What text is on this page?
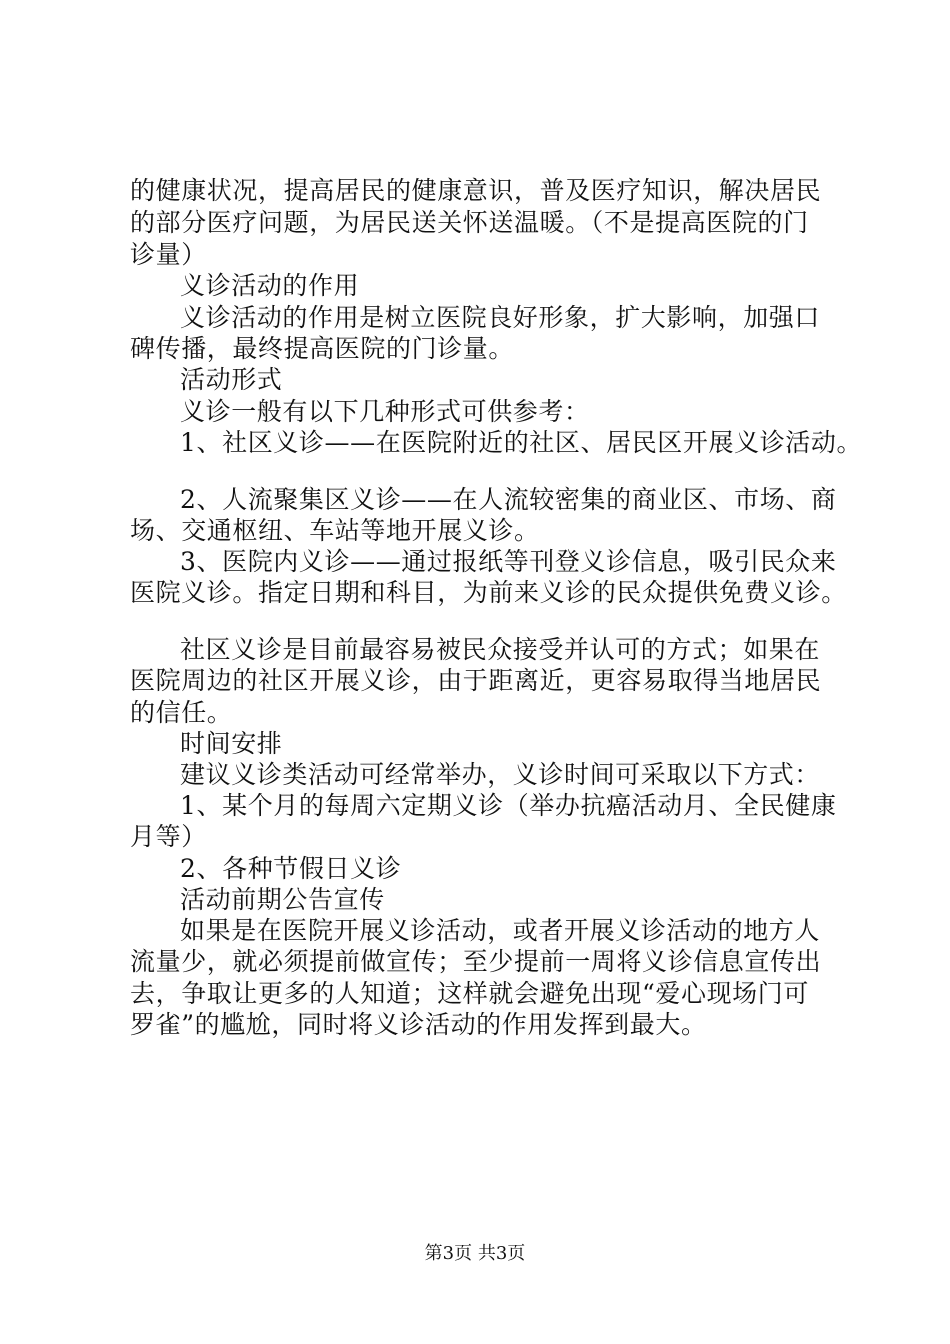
的健康状况，提高居民的健康意识，普及医疗知识，解决居民
的部分医疗问题，为居民送关怀送温暖。（不是提高医院的门
诊量）
义诊活动的作用
义诊活动的作用是树立医院良好形象，扩大影响，加强口
碑传播，最终提高医院的门诊量。
活动形式
义诊一般有以下几种形式可供参考：
1、社区义诊——在医院附近的社区、居民区开展义诊活动。
2、人流聚集区义诊——在人流较密集的商业区、市场、商
场、交通枢纽、车站等地开展义诊。
3、医院内义诊——通过报纸等刊登义诊信息，吸引民众来
医院义诊。指定日期和科目，为前来义诊的民众提供免费义诊。
社区义诊是目前最容易被民众接受并认可的方式；如果在
医院周边的社区开展义诊，由于距离近，更容易取得当地居民
的信任。
时间安排
建议义诊类活动可经常举办，义诊时间可采取以下方式：
1、某个月的每周六定期义诊（举办抗癌活动月、全民健康
月等）
2、各种节假日义诊
活动前期公告宣传
如果是在医院开展义诊活动，或者开展义诊活动的地方人
流量少，就必须提前做宣传；至少提前一周将义诊信息宣传出
去，争取让更多的人知道；这样就会避免出现“爱心现场门可
罗雀”的尴尬，同时将义诊活动的作用发挥到最大。
第3页 共3页
